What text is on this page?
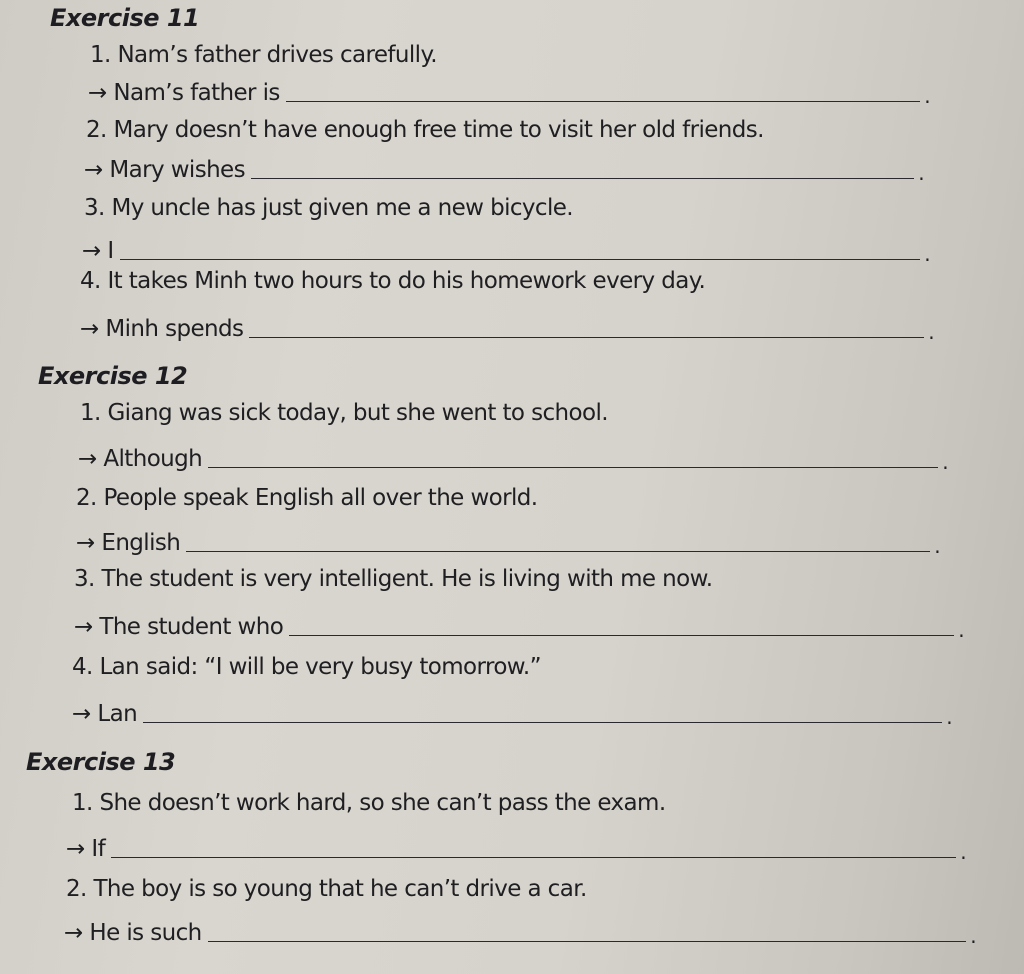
Exercise 11
1. Nam’s father drives carefully.
→ Nam’s father is	.
2. Mary doesn’t have enough free time to visit her old friends.
→ Mary wishes	.
3. My uncle has just given me a new bicycle.
→ I	.
4. It takes Minh two hours to do his homework every day.
→ Minh spends	.
Exercise 12
1. Giang was sick today, but she went to school.
→ Although	.
2. People speak English all over the world.
→ English	.
3. The student is very intelligent. He is living with me now.
→ The student who	.
4. Lan said: “I will be very busy tomorrow.”
→ Lan	.
Exercise 13
1. She doesn’t work hard, so she can’t pass the exam.
→ If	.
2. The boy is so young that he can’t drive a car.
→ He is such	.
